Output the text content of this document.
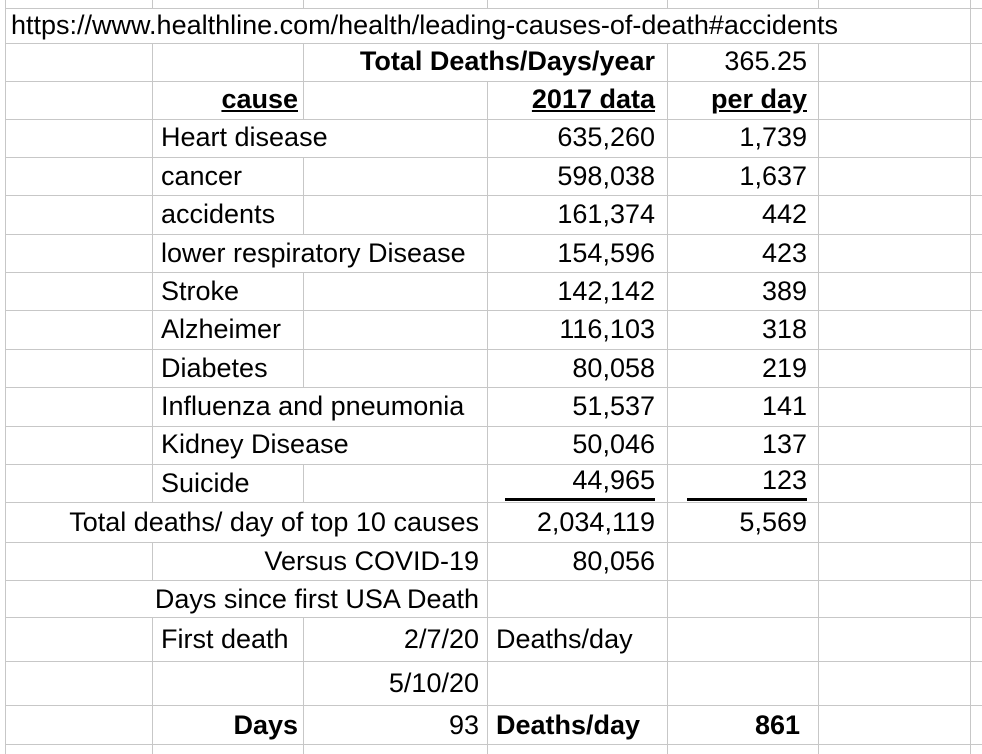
https://www.healthline.com/health/leading-causes-of-death#accidents						
		Total Deaths/Days/year		365.25		
	cause		2017 data	per day		
	Heart disease		635,260	1,739		
	cancer		598,038	1,637		
	accidents		161,374	442		
	lower respiratory Disease		154,596	423		
	Stroke		142,142	389		
	Alzheimer		116,103	318		
	Diabetes		80,058	219		
	Influenza and pneumonia		51,537	141		
	Kidney Disease		50,046	137		
	Suicide		44,965	123		
Total deaths/ day of top 10 causes			2,034,119	5,569		
	Versus COVID-19		80,056			
Days since first USA Death						
	First death	2/7/20	Deaths/day			
		5/10/20				
	Days	93	Deaths/day	861		
